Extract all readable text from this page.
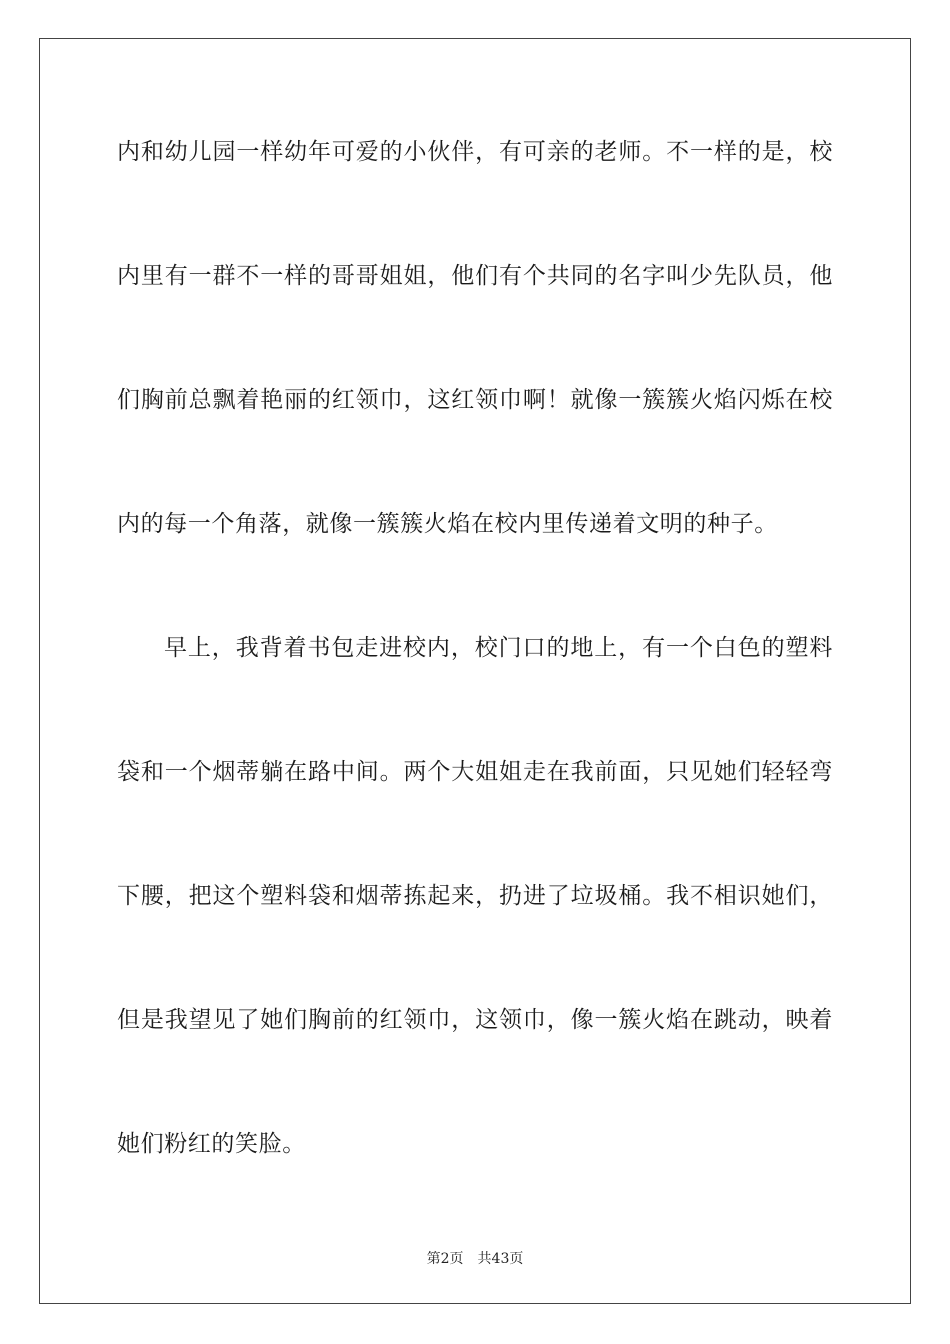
内和幼儿园一样幼年可爱的小伙伴，有可亲的老师。不一样的是，校
内里有一群不一样的哥哥姐姐，他们有个共同的名字叫少先队员，他
们胸前总飘着艳丽的红领巾，这红领巾啊！就像一簇簇火焰闪烁在校
内的每一个角落，就像一簇簇火焰在校内里传递着文明的种子。
早上，我背着书包走进校内，校门口的地上，有一个白色的塑料
袋和一个烟蒂躺在路中间。两个大姐姐走在我前面，只见她们轻轻弯
下腰，把这个塑料袋和烟蒂拣起来，扔进了垃圾桶。我不相识她们，
但是我望见了她们胸前的红领巾，这领巾，像一簇火焰在跳动，映着
她们粉红的笑脸。
第2页 共43页
